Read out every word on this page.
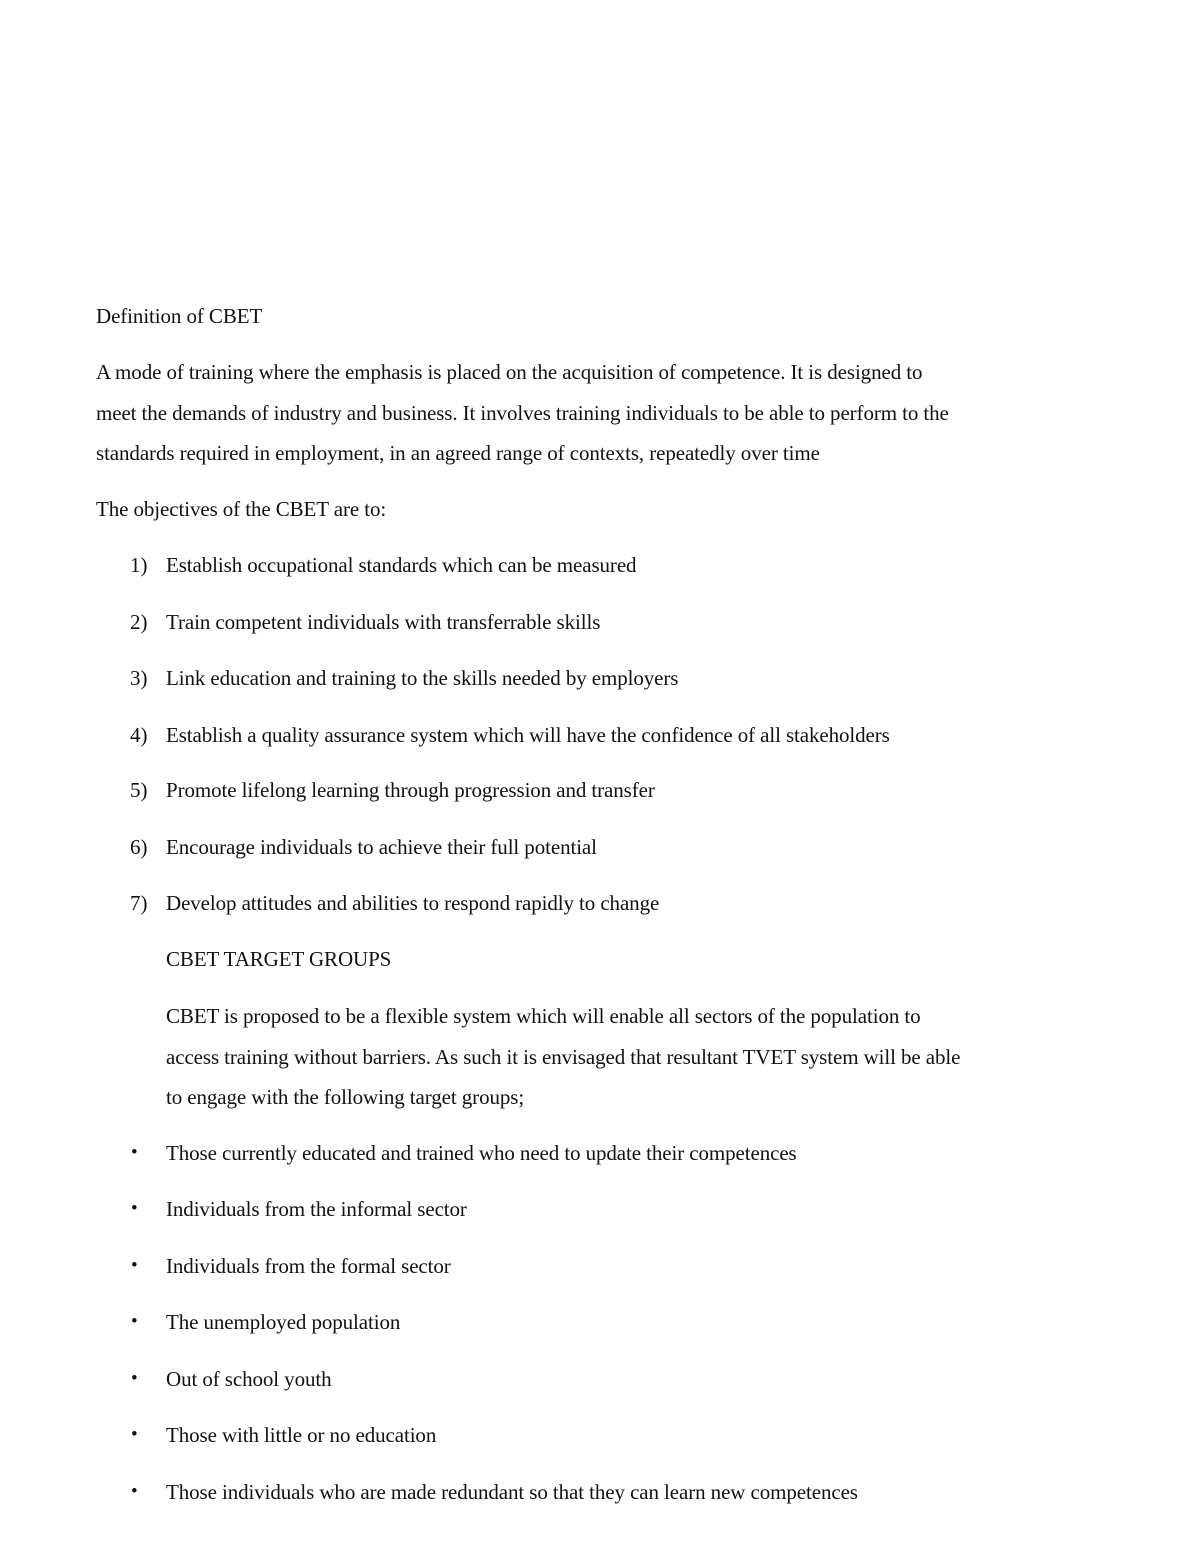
Definition of CBET
A mode of training where the emphasis is placed on the acquisition of competence. It is designed to
meet the demands of industry and business. It involves training individuals to be able to perform to the
standards required in employment, in an agreed range of contexts, repeatedly over time
The objectives of the CBET are to:
1) Establish occupational standards which can be measured
2) Train competent individuals with transferrable skills
3) Link education and training to the skills needed by employers
4) Establish a quality assurance system which will have the confidence of all stakeholders
5) Promote lifelong learning through progression and transfer
6) Encourage individuals to achieve their full potential
7) Develop attitudes and abilities to respond rapidly to change
CBET TARGET GROUPS
CBET is proposed to be a flexible system which will enable all sectors of the population to
access training without barriers. As such it is envisaged that resultant TVET system will be able
to engage with the following target groups;
• Those currently educated and trained who need to update their competences
• Individuals from the informal sector
• Individuals from the formal sector
• The unemployed population
• Out of school youth
• Those with little or no education
• Those individuals who are made redundant so that they can learn new competences
